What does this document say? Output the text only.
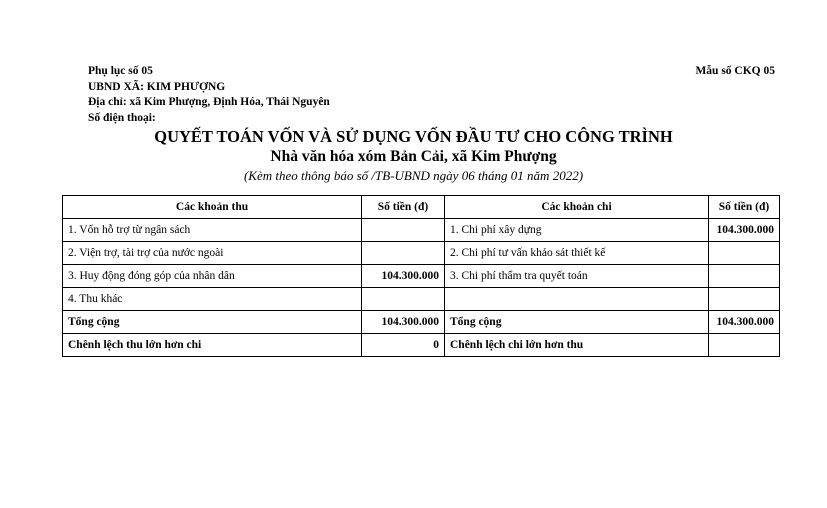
Phụ lục số 05
UBND XÃ: KIM PHƯỢNG
Địa chỉ: xã Kim Phượng, Định Hóa, Thái Nguyên
Số điện thoại:
Mẫu số CKQ 05
QUYẾT TOÁN VỐN VÀ SỬ DỤNG VỐN ĐẦU TƯ CHO CÔNG TRÌNH
Nhà văn hóa xóm Bản Cải, xã Kim Phượng
(Kèm theo thông báo số /TB-UBND ngày 06 tháng 01 năm 2022)
Các khoản thu	Số tiền (đ)	Các khoản chi	Số tiền (đ)
1. Vốn hỗ trợ từ ngân sách		1. Chi phí xây dựng	104.300.000
2. Viện trợ, tài trợ của nước ngoài		2. Chi phí tư vấn khảo sát thiết kế	
3. Huy động đóng góp của nhân dân	104.300.000	3. Chi phí thẩm tra quyết toán	
4. Thu khác			
Tổng cộng	104.300.000	Tổng cộng	104.300.000
Chênh lệch thu lớn hơn chi	0	Chênh lệch chi lớn hơn thu	
